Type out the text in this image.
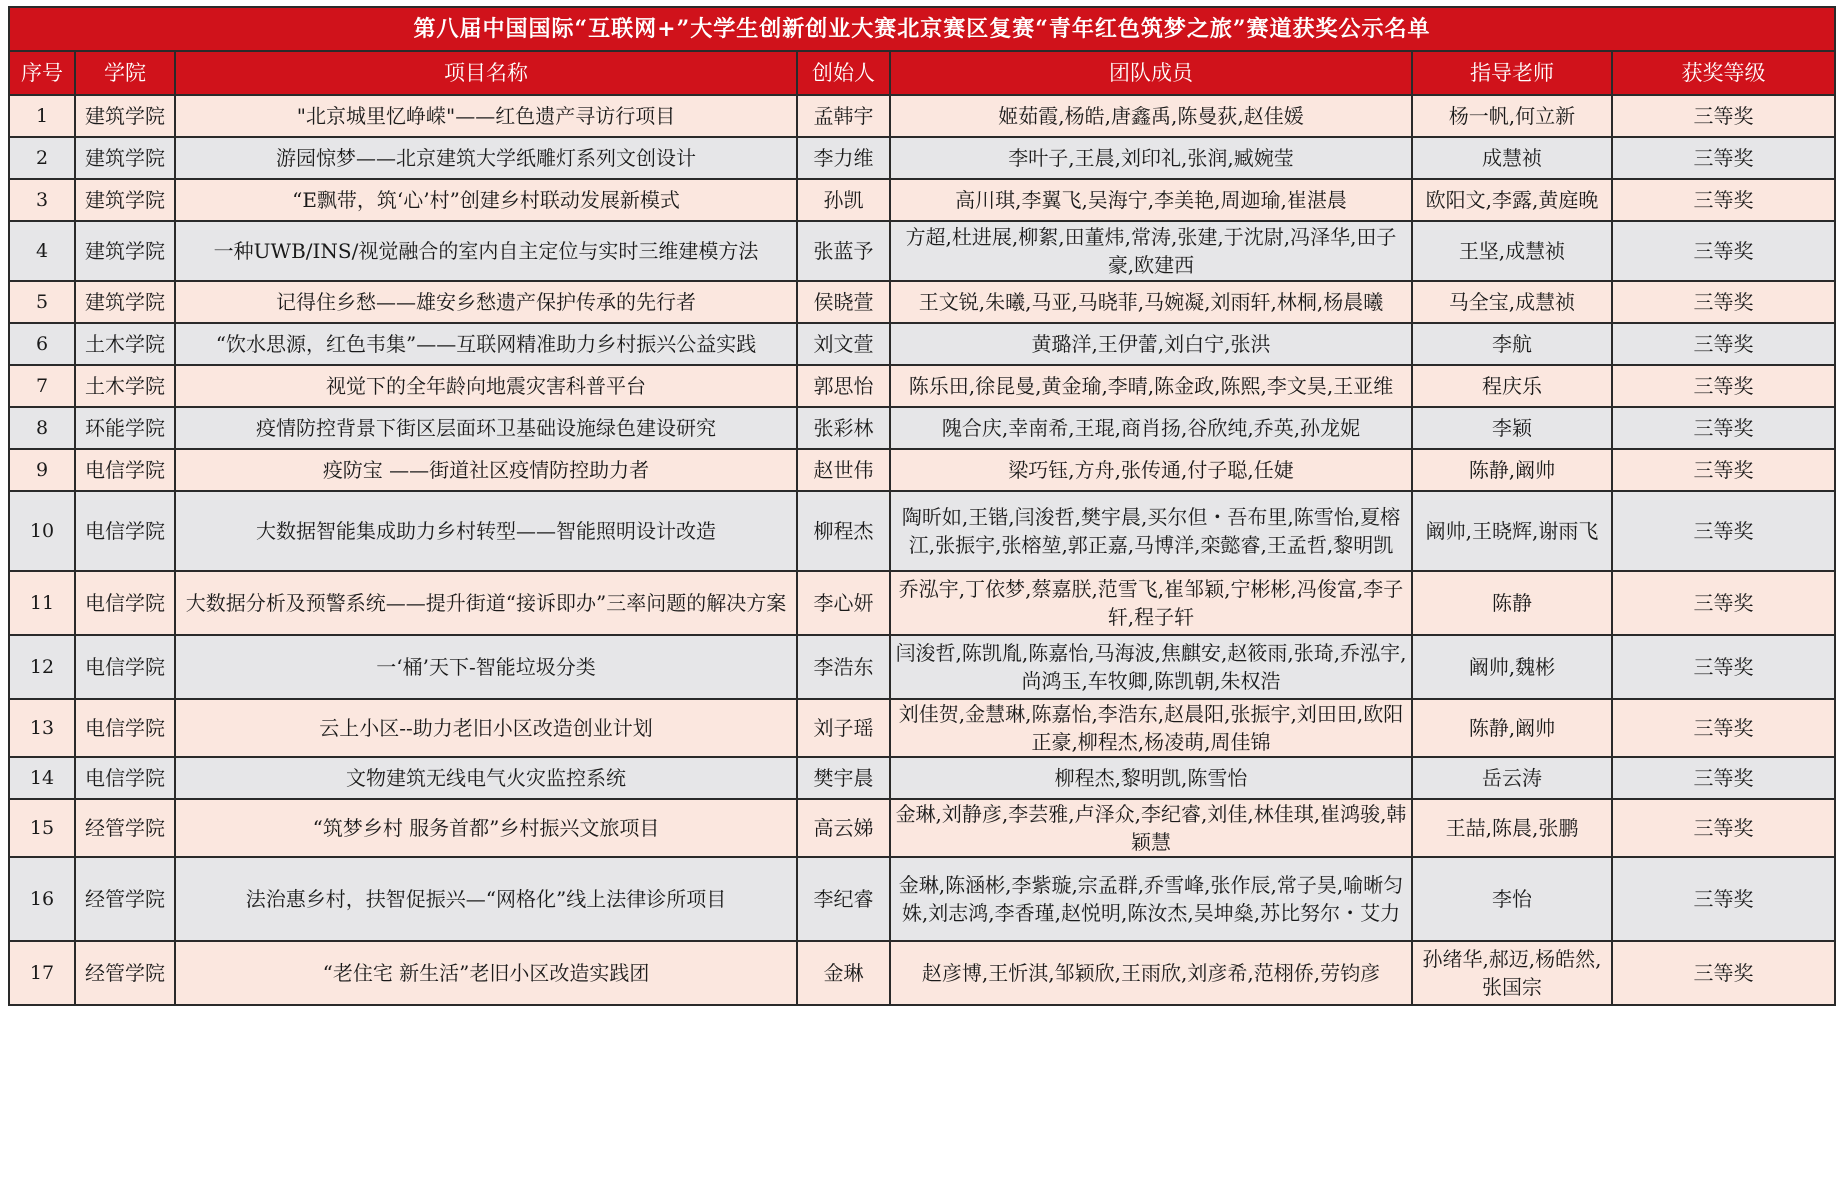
第八届中国国际“互联网+”大学生创新创业大赛北京赛区复赛“青年红色筑梦之旅”赛道获奖公示名单						
序号	学院	项目名称	创始人	团队成员	指导老师	获奖等级
1	建筑学院	"北京城里忆峥嵘"——红色遗产寻访行项目	孟韩宇	姬茹霞,杨皓,唐鑫禹,陈曼荻,赵佳媛	杨一帆,何立新	三等奖
2	建筑学院	游园惊梦——北京建筑大学纸雕灯系列文创设计	李力维	李叶子,王晨,刘印礼,张润,臧婉莹	成慧祯	三等奖
3	建筑学院	“E飘带，筑‘心’村”创建乡村联动发展新模式	孙凯	高川琪,李翼飞,吴海宁,李美艳,周迦瑜,崔湛晨	欧阳文,李露,黄庭晚	三等奖
4	建筑学院	一种UWB/INS/视觉融合的室内自主定位与实时三维建模方法	张蓝予	方超,杜进展,柳絮,田董炜,常涛,张建,于沈尉,冯泽华,田子豪,欧建西	王坚,成慧祯	三等奖
5	建筑学院	记得住乡愁——雄安乡愁遗产保护传承的先行者	侯晓萱	王文锐,朱曦,马亚,马晓菲,马婉凝,刘雨轩,林桐,杨晨曦	马全宝,成慧祯	三等奖
6	土木学院	“饮水思源，红色韦集”——互联网精准助力乡村振兴公益实践	刘文萱	黄璐洋,王伊蕾,刘白宁,张洪	李航	三等奖
7	土木学院	视觉下的全年龄向地震灾害科普平台	郭思怡	陈乐田,徐昆曼,黄金瑜,李晴,陈金政,陈熙,李文昊,王亚维	程庆乐	三等奖
8	环能学院	疫情防控背景下街区层面环卫基础设施绿色建设研究	张彩林	隗合庆,幸南希,王琨,商肖扬,谷欣纯,乔英,孙龙妮	李颖	三等奖
9	电信学院	疫防宝 ——街道社区疫情防控助力者	赵世伟	梁巧钰,方舟,张传通,付子聪,任婕	陈静,阚帅	三等奖
10	电信学院	大数据智能集成助力乡村转型——智能照明设计改造	柳程杰	陶昕如,王锴,闫浚哲,樊宇晨,买尔但・吾布里,陈雪怡,夏榕江,张振宇,张榕堃,郭正嘉,马博洋,栾懿睿,王孟哲,黎明凯	阚帅,王晓辉,谢雨飞	三等奖
11	电信学院	大数据分析及预警系统——提升街道“接诉即办”三率问题的解决方案	李心妍	乔泓宇,丁依梦,蔡嘉朕,范雪飞,崔邹颖,宁彬彬,冯俊富,李子轩,程子轩	陈静	三等奖
12	电信学院	一‘桶’天下-智能垃圾分类	李浩东	闫浚哲,陈凯胤,陈嘉怡,马海波,焦麒安,赵筱雨,张琦,乔泓宇,尚鸿玉,车牧卿,陈凯朝,朱权浩	阚帅,魏彬	三等奖
13	电信学院	云上小区--助力老旧小区改造创业计划	刘子瑶	刘佳贺,金慧琳,陈嘉怡,李浩东,赵晨阳,张振宇,刘田田,欧阳正豪,柳程杰,杨凌萌,周佳锦	陈静,阚帅	三等奖
14	电信学院	文物建筑无线电气火灾监控系统	樊宇晨	柳程杰,黎明凯,陈雪怡	岳云涛	三等奖
15	经管学院	“筑梦乡村 服务首都”乡村振兴文旅项目	高云娣	金琳,刘静彦,李芸雅,卢泽众,李纪睿,刘佳,林佳琪,崔鸿骏,韩颖慧	王喆,陈晨,张鹏	三等奖
16	经管学院	法治惠乡村，扶智促振兴—“网格化”线上法律诊所项目	李纪睿	金琳,陈涵彬,李紫璇,宗孟群,乔雪峰,张作辰,常子昊,喻晰匀姝,刘志鸿,李香瑾,赵悦明,陈汝杰,吴坤燊,苏比努尔・艾力	李怡	三等奖
17	经管学院	“老住宅 新生活”老旧小区改造实践团	金琳	赵彦博,王忻淇,邹颖欣,王雨欣,刘彦希,范栩侨,劳钧彦	孙绪华,郝迈,杨皓然,张国宗	三等奖
